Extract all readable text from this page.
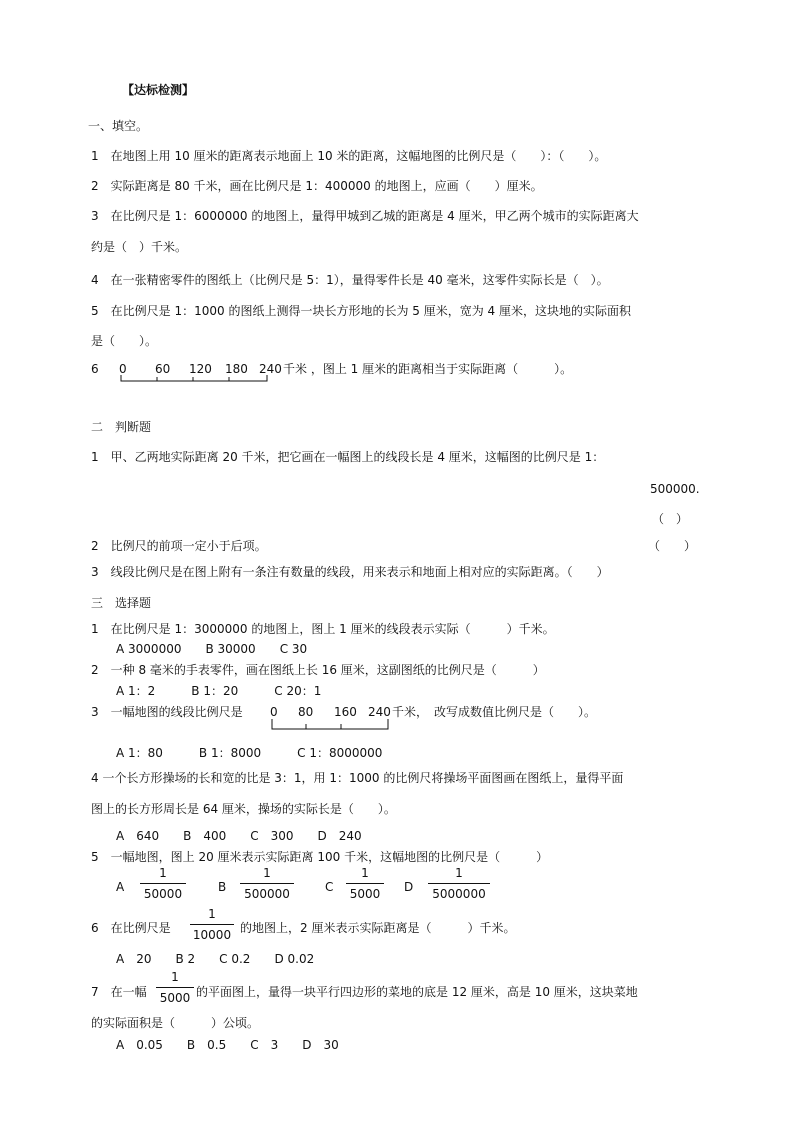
【达标检测】
一、填空。
1　在地图上用 10 厘米的距离表示地面上 10 米的距离，这幅地图的比例尺是（　　）：（　　）。
2　实际距离是 80 千米，画在比例尺是 1：400000 的地图上，应画（　　）厘米。
3　在比例尺是 1：6000000 的地图上，量得甲城到乙城的距离是 4 厘米，甲乙两个城市的实际距离大
约是（　）千米。
4　在一张精密零件的图纸上（比例尺是 5：1），量得零件长是 40 毫米，这零件实际长是（　）。
5　在比例尺是 1：1000 的图纸上测得一块长方形地的长为 5 厘米，宽为 4 厘米，这块地的实际面积
是（　　）。
6 0 60 120 180 240 千米 ，图上 1 厘米的距离相当于实际距离（　　　）。
二　判断题
1　甲、乙两地实际距离 20 千米，把它画在一幅图上的线段长是 4 厘米，这幅图的比例尺是 1：
500000.
（　）
2　比例尺的前项一定小于后项。	（　　）
3　线段比例尺是在图上附有一条注有数量的线段，用来表示和地面上相对应的实际距离。（　　）
三　选择题
1　在比例尺是 1：3000000 的地图上，图上 1 厘米的线段表示实际（　　　）千米。
A 3000000　　B 30000　　C 30
2　一种 8 毫米的手表零件，画在图纸上长 16 厘米，这副图纸的比例尺是（　　　）
A 1：2　　　B 1：20　　　C 20：1
3　一幅地图的线段比例尺是 0 80 160 240 千米，　改写成数值比例尺是（　　）。
A 1：80　　　B 1：8000　　　C 1：8000000
4 一个长方形操场的长和宽的比是 3：1，用 1：1000 的比例尺将操场平面图画在图纸上，量得平面
图上的长方形周长是 64 厘米，操场的实际长是（　　）。
A　640　　B　400　　C　300　　D　240
5　一幅地图，图上 20 厘米表示实际距离 100 千米，这幅地图的比例尺是（　　　）
A $\frac{1}{50000}$	B $\frac{1}{500000}$	C $\frac{1}{5000}$ D $\frac{1}{5000000}$
6　在比例尺是 $\frac{1}{10000}$ 的地图上，2 厘米表示实际距离是（　　　）千米。
A　20　　B 2　　C 0.2　　D 0.02
7　在一幅 $\frac{1}{5000}$ 的平面图上，量得一块平行四边形的菜地的底是 12 厘米，高是 10 厘米，这块菜地
的实际面积是（　　　）公顷。
A　0.05　　B　0.5　　C　3　　D　30
